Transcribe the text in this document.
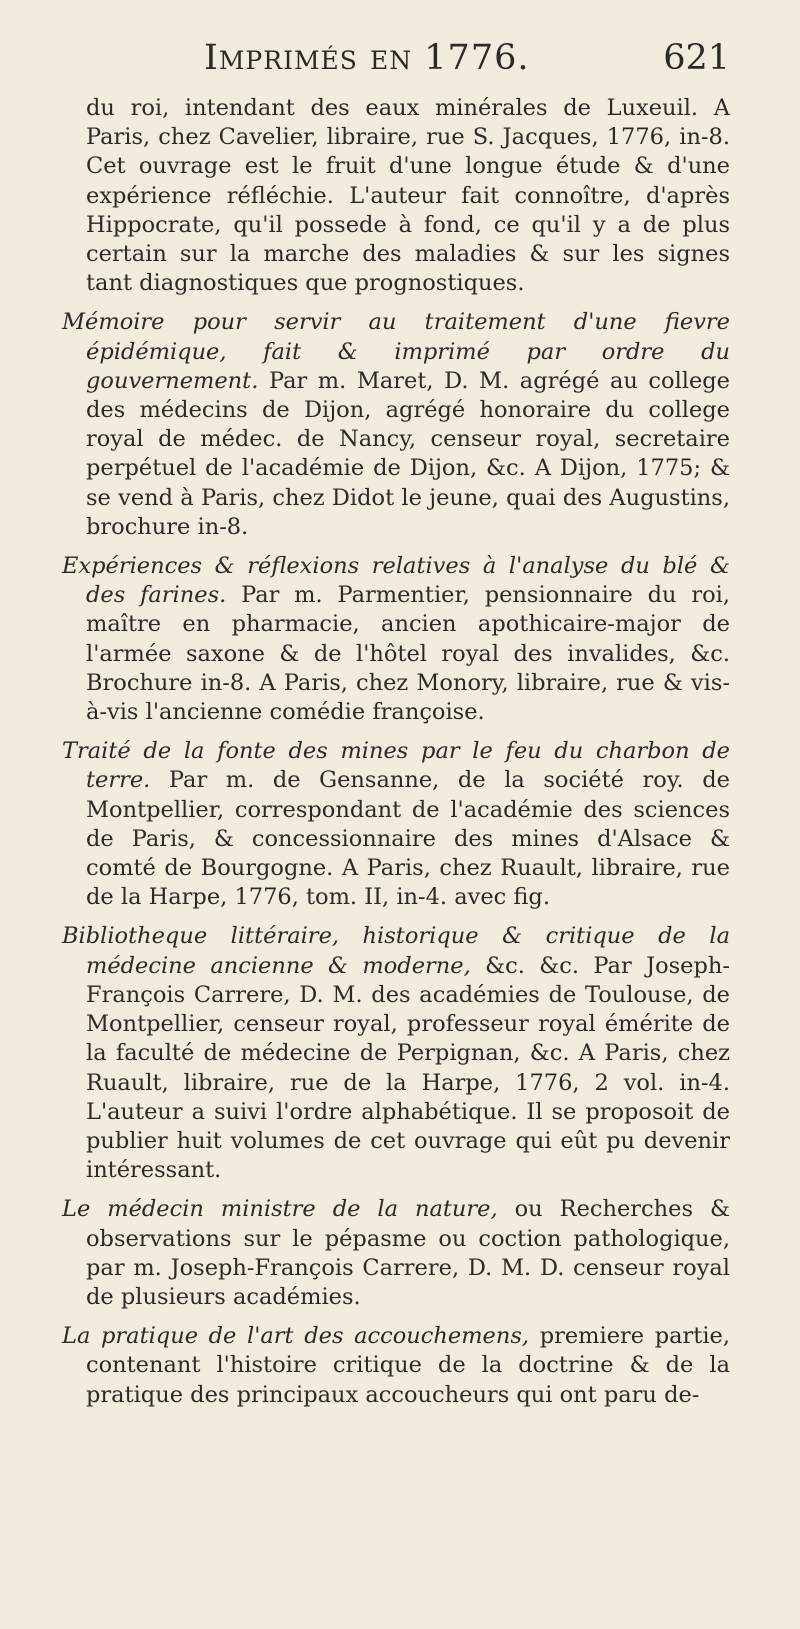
Imprimés en 1776.	621

du roi, intendant des eaux minérales de Luxeuil. A Paris, chez Cavelier, libraire, rue S. Jacques, 1776, in-8. Cet ouvrage est le fruit d'une longue étude & d'une expérience réfléchie. L'auteur fait connoître, d'après Hippocrate, qu'il possede à fond, ce qu'il y a de plus certain sur la marche des maladies & sur les signes tant diagnostiques que prognostiques.

Mémoire pour servir au traitement d'une fievre épidémique, fait & imprimé par ordre du gouvernement. Par m. Maret, D. M. agrégé au college des médecins de Dijon, agrégé honoraire du college royal de médec. de Nancy, censeur royal, secretaire perpétuel de l'académie de Dijon, &c. A Dijon, 1775; & se vend à Paris, chez Didot le jeune, quai des Augustins, brochure in-8.

Expériences & réflexions relatives à l'analyse du blé & des farines. Par m. Parmentier, pensionnaire du roi, maître en pharmacie, ancien apothicaire-major de l'armée saxone & de l'hôtel royal des invalides, &c. Brochure in-8. A Paris, chez Monory, libraire, rue & vis-à-vis l'ancienne comédie françoise.

Traité de la fonte des mines par le feu du charbon de terre. Par m. de Gensanne, de la société roy. de Montpellier, correspondant de l'académie des sciences de Paris, & concessionnaire des mines d'Alsace & comté de Bourgogne. A Paris, chez Ruault, libraire, rue de la Harpe, 1776, tom. II, in-4. avec fig.

Bibliotheque littéraire, historique & critique de la médecine ancienne & moderne, &c. &c. Par Joseph-François Carrere, D. M. des académies de Toulouse, de Montpellier, censeur royal, professeur royal émérite de la faculté de médecine de Perpignan, &c. A Paris, chez Ruault, libraire, rue de la Harpe, 1776, 2 vol. in-4. L'auteur a suivi l'ordre alphabétique. Il se proposoit de publier huit volumes de cet ouvrage qui eût pu devenir intéressant.

Le médecin ministre de la nature, ou Recherches & observations sur le pépasme ou coction pathologique, par m. Joseph-François Carrere, D. M. D. censeur royal de plusieurs académies.

La pratique de l'art des accouchemens, premiere partie, contenant l'histoire critique de la doctrine & de la pratique des principaux accoucheurs qui ont paru de-
